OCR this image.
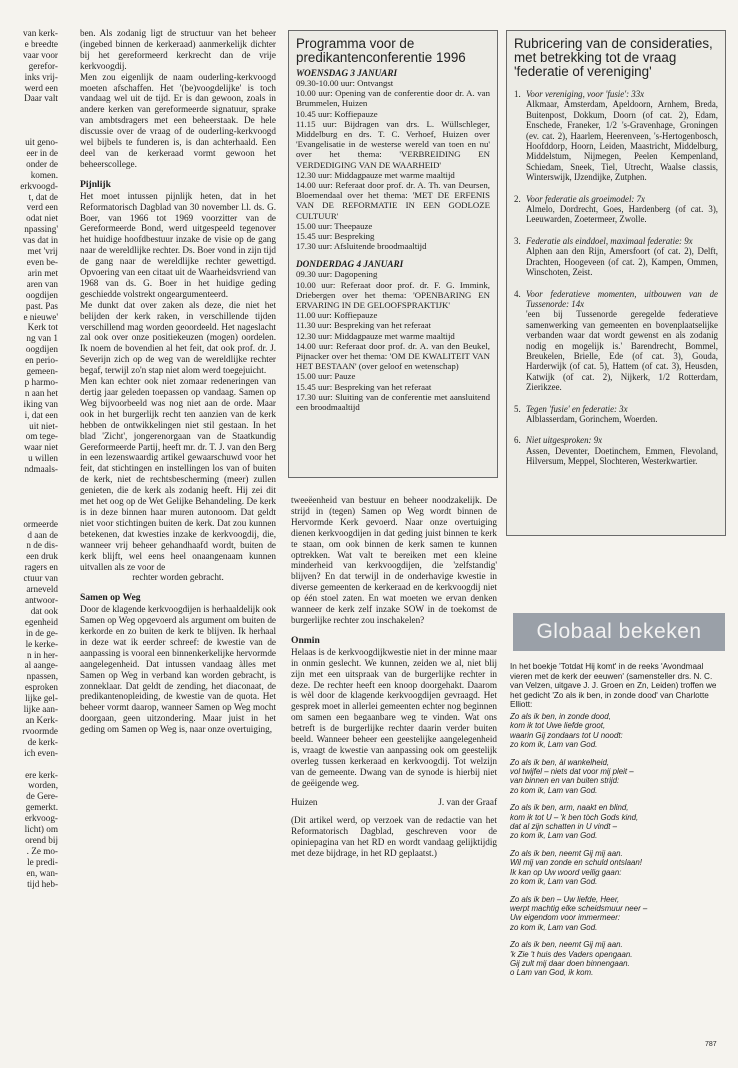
van kerk-
e breedte
vaar voor
gerefor-
inks vrij-
werd een
Daar valt
uit geno-
eer in de
onder de
komen.
erkvoogd-
t, dat de
verd een
odat niet
npassing'
vas dat in
met 'vrij
even be-
arin met
aren van
oogdijen
past. Pas
e nieuwe'
Kerk tot
ng van 1
oogdijen
en perio-
gemeen-
p harmo-
n aan het
iking van
i, dat een
uit niet-
om tege-
waar niet
u willen
ndmaals-
ormeerde
d aan de
n de dis-
een druk
ragers en
ctuur van
arneveld
antwoor-
dat ook
egenheid
in de ge-
le kerke-
n in her-
al aange-
npassen,
esproken
lijke gel-
lijke aan-
an Kerk-
rvoormde
de kerk-
ich even-
ere kerk-
worden,
de Gere-
gemerkt.
erkvoog-
licht) om
orend bij
. Ze mo-
le predi-
en, wan-
tijd heb-

ben. Als zodanig ligt de structuur van het beheer (ingebed binnen de kerkeraad) aanmerkelijk dichter bij het gereformeerd kerkrecht dan de vrije kerkvoogdij.

Men zou eigenlijk de naam ouderling-kerkvoogd moeten afschaffen. Het '(be)voogdelijke' is toch vandaag wel uit de tijd. Er is dan gewoon, zoals in andere kerken van gereformeerde signatuur, sprake van ambtsdragers met een beheerstaak. De hele discussie over de vraag of de ouderling-kerkvoogd wel bijbels te funderen is, is dan achterhaald. Een deel van de kerkeraad vormt gewoon het beheerscollege.

Pijnlijk

Het moet intussen pijnlijk heten, dat in het Reformatorisch Dagblad van 30 november l.l. ds. G. Boer, van 1966 tot 1969 voorzitter van de Gereformeerde Bond, werd uitgespeeld tegenover het huidige hoofdbestuur inzake de visie op de gang naar de wereldlijke rechter. Ds. Boer vond in zijn tijd de gang naar de wereldlijke rechter gewettigd. Opvoering van een citaat uit de Waarheidsvriend van 1968 van ds. G. Boer in het huidige geding geschiedde volstrekt ongeargumenteerd.

Me dunkt dat over zaken als deze, die niet het belijden der kerk raken, in verschillende tijden verschillend mag worden geoordeeld. Het nageslacht zal ook over onze positiekeuzen (mogen) oordelen. Ik noem de bovendien al het feit, dat ook prof. dr. J. Severijn zich op de weg van de wereldlijke rechter begaf, terwijl zo'n stap niet alom werd toegejuicht.

Men kan echter ook niet zomaar redeneringen van dertig jaar geleden toepassen op vandaag. Samen op Weg bijvoorbeeld was nog niet aan de orde. Maar ook in het burgerlijk recht ten aanzien van de kerk hebben de ontwikkelingen niet stil gestaan. In het blad 'Zicht', jongerenorgaan van de Staatkundig Gereformeerde Partij, heeft mr. dr. T. J. van den Berg in een lezenswaardig artikel gewaarschuwd voor het feit, dat stichtingen en instellingen los van of buiten de kerk, niet de rechtsbescherming (meer) zullen genieten, die de kerk als zodanig heeft. Hij zei dit met het oog op de Wet Gelijke Behandeling. De kerk is in deze binnen haar muren autonoom. Dat geldt niet voor stichtingen buiten de kerk. Dat zou kunnen betekenen, dat kwesties inzake de kerkvoogdij, die, wanneer vrij beheer gehandhaafd wordt, buiten de kerk blijft, wel eens heel onaangenaam kunnen uitvallen als ze voor de

rechter worden gebracht.

Samen op Weg

Door de klagende kerkvoogdijen is herhaaldelijk ook Samen op Weg opgevoerd als argument om buiten de kerkorde en zo buiten de kerk te blijven. Ik herhaal in deze wat ik eerder schreef: de kwestie van de aanpassing is vooral een binnenkerkelijke hervormde aangelegenheid. Dat intussen vandaag àlles met Samen op Weg in verband kan worden gebracht, is zonneklaar. Dat geldt de zending, het diaconaat, de predikantenopleiding, de kwestie van de quota. Het beheer vormt daarop, wanneer Samen op Weg mocht doorgaan, geen uitzondering. Maar juist in het geding om Samen op Weg is, naar onze overtuiging,

Programma voor de predikantenconferentie 1996
WOENSDAG 3 JANUARI
09.30-10.00 uur: Ontvangst
10.00 uur: Opening van de conferentie door dr. A. van Brummelen, Huizen
10.45 uur: Koffiepauze
11.15 uur: Bijdragen van drs. L. Wüllschleger, Middelburg en drs. T. C. Verhoef, Huizen over 'Evangelisatie in de westerse wereld van toen en nu' over het thema: 'VERBREIDING EN VERDEDIGING VAN DE WAARHEID'
12.30 uur: Middagpauze met warme maaltijd
14.00 uur: Referaat door prof. dr. A. Th. van Deursen, Bloemendaal over het thema: 'MET DE ERFENIS VAN DE REFORMATIE IN EEN GODLOZE CULTUUR'
15.00 uur: Theepauze
15.45 uur: Bespreking
17.30 uur: Afsluitende broodmaaltijd
DONDERDAG 4 JANUARI
09.30 uur: Dagopening
10.00 uur: Referaat door prof. dr. F. G. Immink, Driebergen over het thema: 'OPENBARING EN ERVARING IN DE GELOOFSPRAKTIJK'
11.00 uur: Koffiepauze
11.30 uur: Bespreking van het referaat
12.30 uur: Middagpauze met warme maaltijd
14.00 uur: Referaat door prof. dr. A. van den Beukel, Pijnacker over het thema: 'OM DE KWALITEIT VAN HET BESTAAN' (over geloof en wetenschap)
15.00 uur: Pauze
15.45 uur: Bespreking van het referaat
17.30 uur: Sluiting van de conferentie met aansluitend een broodmaaltijd

tweeëenheid van bestuur en beheer noodzakelijk. De strijd in (tegen) Samen op Weg wordt binnen de Hervormde Kerk gevoerd. Naar onze overtuiging dienen kerkvoogdijen in dat geding juist binnen te kerk te staan, om ook binnen de kerk samen te kunnen optrekken. Wat valt te bereiken met een kleine minderheid van kerkvoogdijen, die 'zelfstandig' blijven? En dat terwijl in de onderhavige kwestie in diverse gemeenten de kerkeraad en de kerkvoogdij niet op één stoel zaten. En wat moeten we ervan denken wanneer de kerk zelf inzake SOW in de toekomst de burgerlijke rechter zou inschakelen?

Onmin

Helaas is de kerkvoogdijkwestie niet in der minne maar in onmin geslecht. We kunnen, zeiden we al, niet blij zijn met een uitspraak van de burgerlijke rechter in deze. De rechter heeft een knoop doorgehakt. Daarom is wèl door de klagende kerkvoogdijen gevraagd. Het gesprek moet in allerlei gemeenten echter nog beginnen om samen een begaanbare weg te vinden. Wat ons betreft is de burgerlijke rechter daarin verder buiten beeld. Wanneer beheer een geestelijke aangelegenheid is, vraagt de kwestie van aanpassing ook om geestelijk overleg tussen kerkeraad en kerkvoogdij. Tot welzijn van de gemeente. Dwang van de synode is hierbij niet de geëigende weg.

Huizen	J. van der Graaf

(Dit artikel werd, op verzoek van de redactie van het Reformatorisch Dagblad, geschreven voor de opiniepagina van het RD en wordt vandaag gelijktijdig met deze bijdrage, in het RD geplaatst.)

Rubricering van de consideraties, met betrekking tot de vraag 'federatie of vereniging'
1. Voor vereniging, voor 'fusie': 33x
Alkmaar, Amsterdam, Apeldoorn, Arnhem, Breda, Buitenpost, Dokkum, Doorn (of cat. 2), Edam, Enschede, Franeker, 1/2 's-Gravenhage, Groningen (ev. cat. 2), Haarlem, Heerenveen, 's-Hertogenbosch, Hoofddorp, Hoorn, Leiden, Maastricht, Middelburg, Middelstum, Nijmegen, Peelen Kempenland, Schiedam, Sneek, Tiel, Utrecht, Waalse classis, Winterswijk, IJzendijke, Zutphen.
2. Voor federatie als groeimodel: 7x
Almelo, Dordrecht, Goes, Hardenberg (of cat. 3), Leeuwarden, Zoetermeer, Zwolle.
3. Federatie als einddoel, maximaal federatie: 9x
Alphen aan den Rijn, Amersfoort (of cat. 2), Delft, Drachten, Hoogeveen (of cat. 2), Kampen, Ommen, Winschoten, Zeist.
4. Voor federatieve momenten, uitbouwen van de Tussenorde: 14x
'een bij Tussenorde geregelde federatieve samenwerking van gemeenten en bovenplaatselijke verbanden waar dat wordt gewenst en als zodanig nodig en mogelijk is.' Barendrecht, Bommel, Breukelen, Brielle, Ede (of cat. 3), Gouda, Harderwijk (of cat. 5), Hattem (of cat. 3), Heusden, Katwijk (of cat. 2), Nijkerk, 1/2 Rotterdam, Zierikzee.
5. Tegen 'fusie' en federatie: 3x
Alblasserdam, Gorinchem, Woerden.
6. Niet uitgesproken: 9x
Assen, Deventer, Doetinchem, Emmen, Flevoland, Hilversum, Meppel, Slochteren, Westerkwartier.
Globaal bekeken
In het boekje 'Totdat Hij komt' in de reeks 'Avondmaal vieren met de kerk der eeuwen' (samensteller drs. N. C. van Velzen, uitgave J. J. Groen en Zn, Leiden) troffen we het gedicht 'Zo als ik ben, in zonde dood' van Charlotte Elliott:
Zo als ik ben, in zonde dood,
kom ik tot Uwe liefde groot,
waarin Gij zondaars tot U noodt:
zo kom ik, Lam van God.
Zo als ik ben, àl wankelheid,
vol twijfel – niets dat voor mij pleit –
van binnen en van buiten strijd:
zo kom ik, Lam van God.
Zo als ik ben, arm, naakt en blind,
kom ik tot U – 'k ben tòch Gods kind,
dat al zijn schatten in U vindt –
zo kom ik, Lam van God.
Zo als ik ben, neemt Gij mij aan.
Wil mij van zonde en schuld ontslaan!
Ik kan op Uw woord veilig gaan:
zo kom ik, Lam van God.
Zo als ik ben – Uw liefde, Heer,
werpt machtig elke scheidsmuur neer –
Uw eigendom voor immermeer:
zo kom ik, Lam van God.
Zo als ik ben, neemt Gij mij aan.
'k Zie 't huis des Vaders opengaan.
Gij zult mij daar doen binnengaan.
o Lam van God, ik kom.
787
